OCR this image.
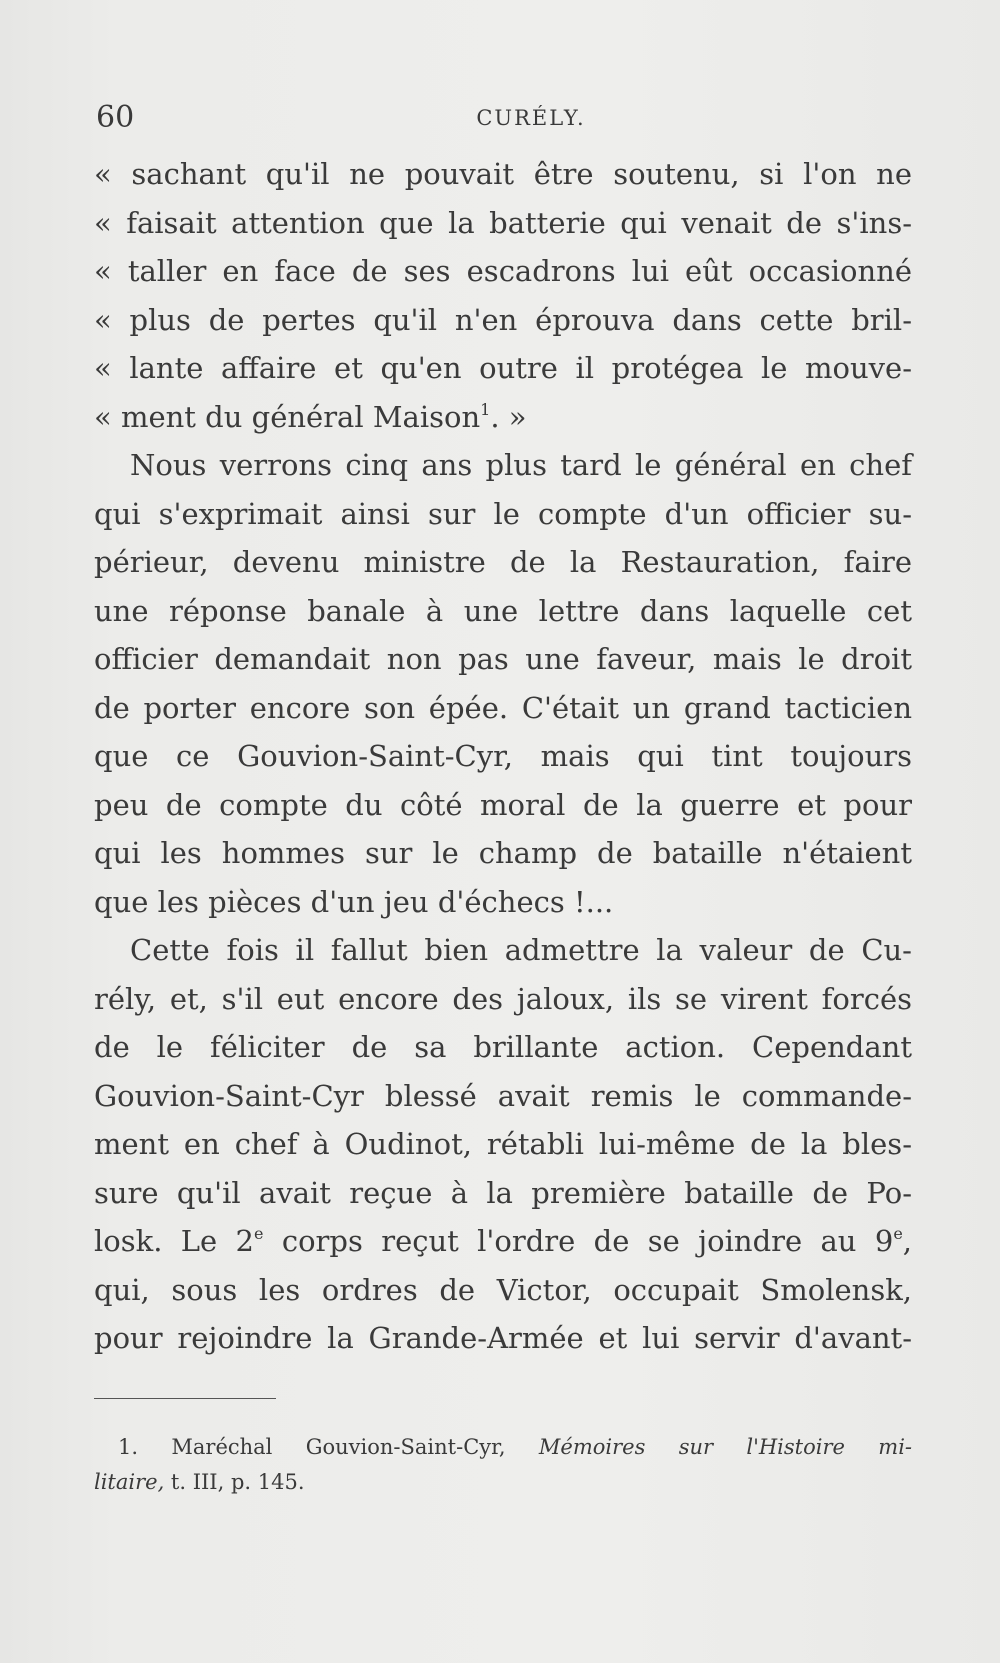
60	CURÉLY.
« sachant qu'il ne pouvait être soutenu, si l'on ne
« faisait attention que la batterie qui venait de s'ins-
« taller en face de ses escadrons lui eût occasionné
« plus de pertes qu'il n'en éprouva dans cette bril-
« lante affaire et qu'en outre il protégea le mouve-
« ment du général Maison$^1$. »
Nous verrons cinq ans plus tard le général en chef
qui s'exprimait ainsi sur le compte d'un officier su-
périeur, devenu ministre de la Restauration, faire
une réponse banale à une lettre dans laquelle cet
officier demandait non pas une faveur, mais le droit
de porter encore son épée. C'était un grand tacticien
que ce Gouvion-Saint-Cyr, mais qui tint toujours
peu de compte du côté moral de la guerre et pour
qui les hommes sur le champ de bataille n'étaient
que les pièces d'un jeu d'échecs !...
Cette fois il fallut bien admettre la valeur de Cu-
rély, et, s'il eut encore des jaloux, ils se virent forcés
de le féliciter de sa brillante action. Cependant
Gouvion-Saint-Cyr blessé avait remis le commande-
ment en chef à Oudinot, rétabli lui-même de la bles-
sure qu'il avait reçue à la première bataille de Po-
losk. Le 2e corps reçut l'ordre de se joindre au 9e,
qui, sous les ordres de Victor, occupait Smolensk,
pour rejoindre la Grande-Armée et lui servir d'avant-
1. Maréchal Gouvion-Saint-Cyr, Mémoires sur l'Histoire mi-
litaire, t. III, p. 145.
